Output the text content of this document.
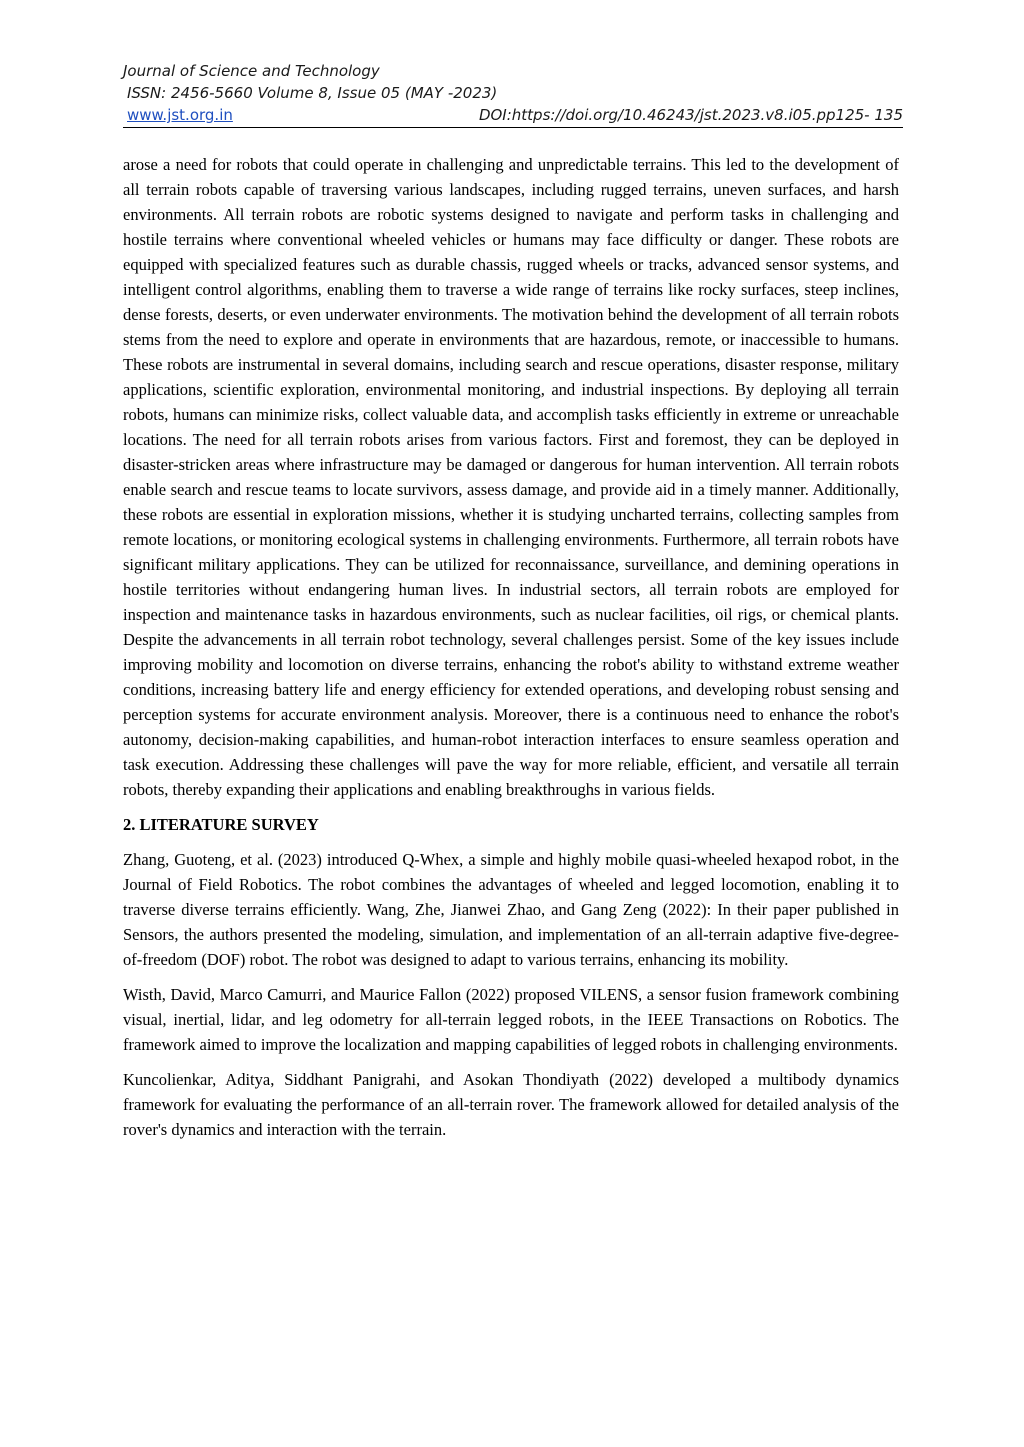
Journal of Science and Technology
ISSN: 2456-5660 Volume 8, Issue 05 (MAY -2023)
www.jst.org.in	DOI:https://doi.org/10.46243/jst.2023.v8.i05.pp125- 135

arose a need for robots that could operate in challenging and unpredictable terrains. This led to the development of all terrain robots capable of traversing various landscapes, including rugged terrains, uneven surfaces, and harsh environments. All terrain robots are robotic systems designed to navigate and perform tasks in challenging and hostile terrains where conventional wheeled vehicles or humans may face difficulty or danger. These robots are equipped with specialized features such as durable chassis, rugged wheels or tracks, advanced sensor systems, and intelligent control algorithms, enabling them to traverse a wide range of terrains like rocky surfaces, steep inclines, dense forests, deserts, or even underwater environments. The motivation behind the development of all terrain robots stems from the need to explore and operate in environments that are hazardous, remote, or inaccessible to humans. These robots are instrumental in several domains, including search and rescue operations, disaster response, military applications, scientific exploration, environmental monitoring, and industrial inspections. By deploying all terrain robots, humans can minimize risks, collect valuable data, and accomplish tasks efficiently in extreme or unreachable locations. The need for all terrain robots arises from various factors. First and foremost, they can be deployed in disaster-stricken areas where infrastructure may be damaged or dangerous for human intervention. All terrain robots enable search and rescue teams to locate survivors, assess damage, and provide aid in a timely manner. Additionally, these robots are essential in exploration missions, whether it is studying uncharted terrains, collecting samples from remote locations, or monitoring ecological systems in challenging environments. Furthermore, all terrain robots have significant military applications. They can be utilized for reconnaissance, surveillance, and demining operations in hostile territories without endangering human lives. In industrial sectors, all terrain robots are employed for inspection and maintenance tasks in hazardous environments, such as nuclear facilities, oil rigs, or chemical plants. Despite the advancements in all terrain robot technology, several challenges persist. Some of the key issues include improving mobility and locomotion on diverse terrains, enhancing the robot's ability to withstand extreme weather conditions, increasing battery life and energy efficiency for extended operations, and developing robust sensing and perception systems for accurate environment analysis. Moreover, there is a continuous need to enhance the robot's autonomy, decision-making capabilities, and human-robot interaction interfaces to ensure seamless operation and task execution. Addressing these challenges will pave the way for more reliable, efficient, and versatile all terrain robots, thereby expanding their applications and enabling breakthroughs in various fields.

2. LITERATURE SURVEY

Zhang, Guoteng, et al. (2023) introduced Q-Whex, a simple and highly mobile quasi-wheeled hexapod robot, in the Journal of Field Robotics. The robot combines the advantages of wheeled and legged locomotion, enabling it to traverse diverse terrains efficiently. Wang, Zhe, Jianwei Zhao, and Gang Zeng (2022): In their paper published in Sensors, the authors presented the modeling, simulation, and implementation of an all-terrain adaptive five-degree-of-freedom (DOF) robot. The robot was designed to adapt to various terrains, enhancing its mobility.

Wisth, David, Marco Camurri, and Maurice Fallon (2022) proposed VILENS, a sensor fusion framework combining visual, inertial, lidar, and leg odometry for all-terrain legged robots, in the IEEE Transactions on Robotics. The framework aimed to improve the localization and mapping capabilities of legged robots in challenging environments.

Kuncolienkar, Aditya, Siddhant Panigrahi, and Asokan Thondiyath (2022) developed a multibody dynamics framework for evaluating the performance of an all-terrain rover. The framework allowed for detailed analysis of the rover's dynamics and interaction with the terrain.
